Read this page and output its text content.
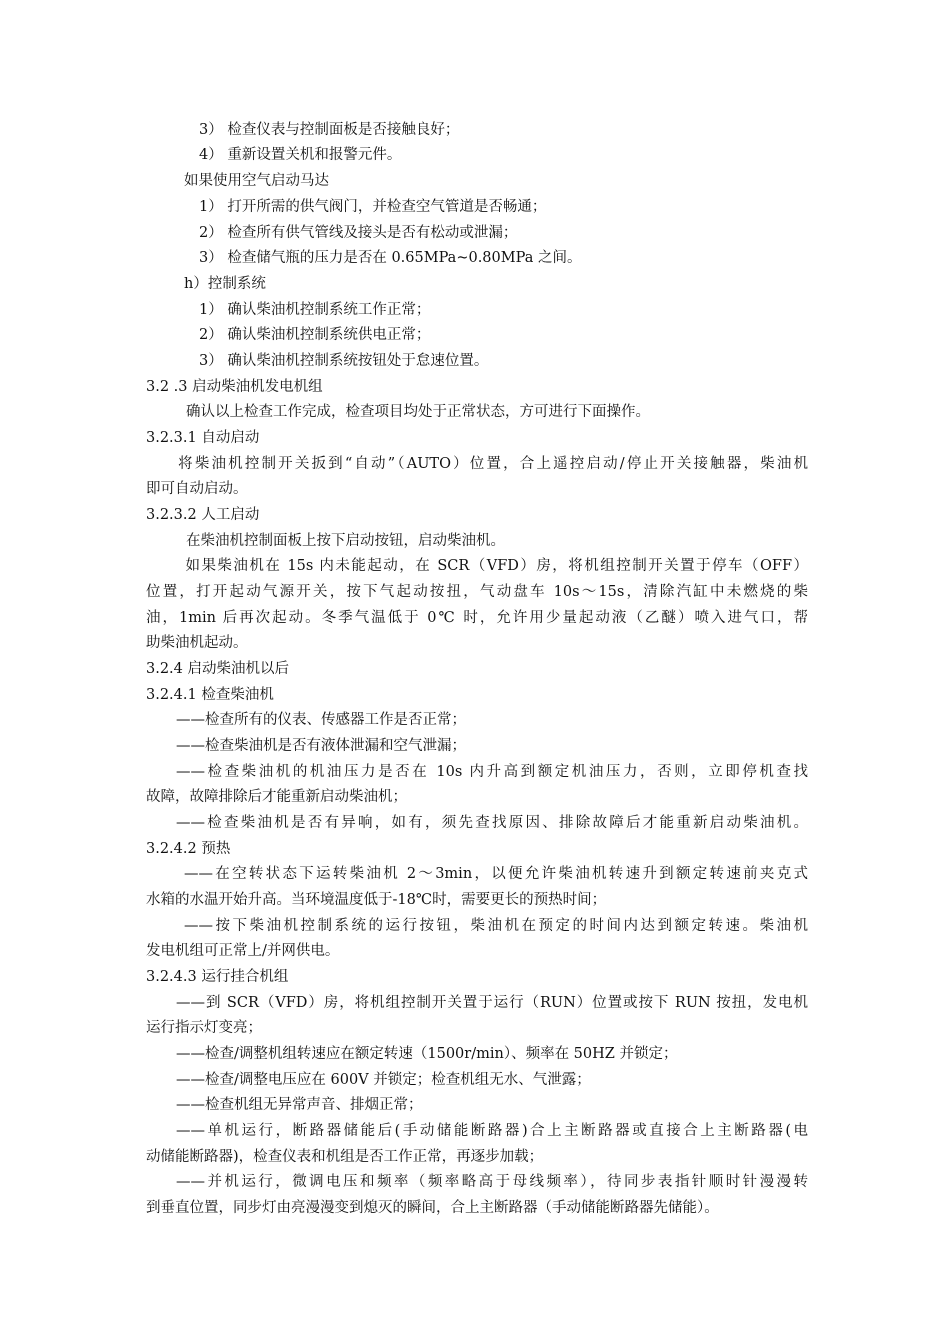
3） 检查仪表与控制面板是否接触良好；
4） 重新设置关机和报警元件。
如果使用空气启动马达
1） 打开所需的供气阀门，并检查空气管道是否畅通；
2） 检查所有供气管线及接头是否有松动或泄漏；
3） 检查储气瓶的压力是否在 0.65MPa~0.80MPa 之间。
h）控制系统
1） 确认柴油机控制系统工作正常；
2） 确认柴油机控制系统供电正常；
3） 确认柴油机控制系统按钮处于怠速位置。
3.2 .3 启动柴油机发电机组
确认以上检查工作完成，检查项目均处于正常状态，方可进行下面操作。
3.2.3.1 自动启动
将柴油机控制开关扳到“自动”（AUTO）位置，合上遥控启动/停止开关接触器，柴油机
即可自动启动。
3.2.3.2 人工启动
在柴油机控制面板上按下启动按钮，启动柴油机。
如果柴油机在 15s 内未能起动，在 SCR（VFD）房，将机组控制开关置于停车（OFF）
位置，打开起动气源开关，按下气起动按扭，气动盘车 10s～15s，清除汽缸中未燃烧的柴
油，1min 后再次起动。冬季气温低于 0℃ 时，允许用少量起动液（乙醚）喷入进气口，帮
助柴油机起动。
3.2.4 启动柴油机以后
3.2.4.1 检查柴油机
——检查所有的仪表、传感器工作是否正常；
——检查柴油机是否有液体泄漏和空气泄漏；
——检查柴油机的机油压力是否在 10s 内升高到额定机油压力，否则，立即停机查找
故障，故障排除后才能重新启动柴油机；
——检查柴油机是否有异响，如有，须先查找原因、排除故障后才能重新启动柴油机。
3.2.4.2 预热
——在空转状态下运转柴油机 2～3min，以便允许柴油机转速升到额定转速前夹克式
水箱的水温开始升高。当环境温度低于-18℃时，需要更长的预热时间；
——按下柴油机控制系统的运行按钮，柴油机在预定的时间内达到额定转速。柴油机
发电机组可正常上/并网供电。
3.2.4.3 运行挂合机组
——到 SCR（VFD）房，将机组控制开关置于运行（RUN）位置或按下 RUN 按扭，发电机
运行指示灯变亮；
——检查/调整机组转速应在额定转速（1500r/min）、频率在 50HZ 并锁定；
——检查/调整电压应在 600V 并锁定；检查机组无水、气泄露；
——检查机组无异常声音、排烟正常；
——单机运行，断路器储能后(手动储能断路器)合上主断路器或直接合上主断路器(电
动储能断路器)，检查仪表和机组是否工作正常，再逐步加载；
——并机运行，微调电压和频率（频率略高于母线频率），待同步表指针顺时针漫漫转
到垂直位置，同步灯由亮漫漫变到熄灭的瞬间，合上主断路器（手动储能断路器先储能）。
